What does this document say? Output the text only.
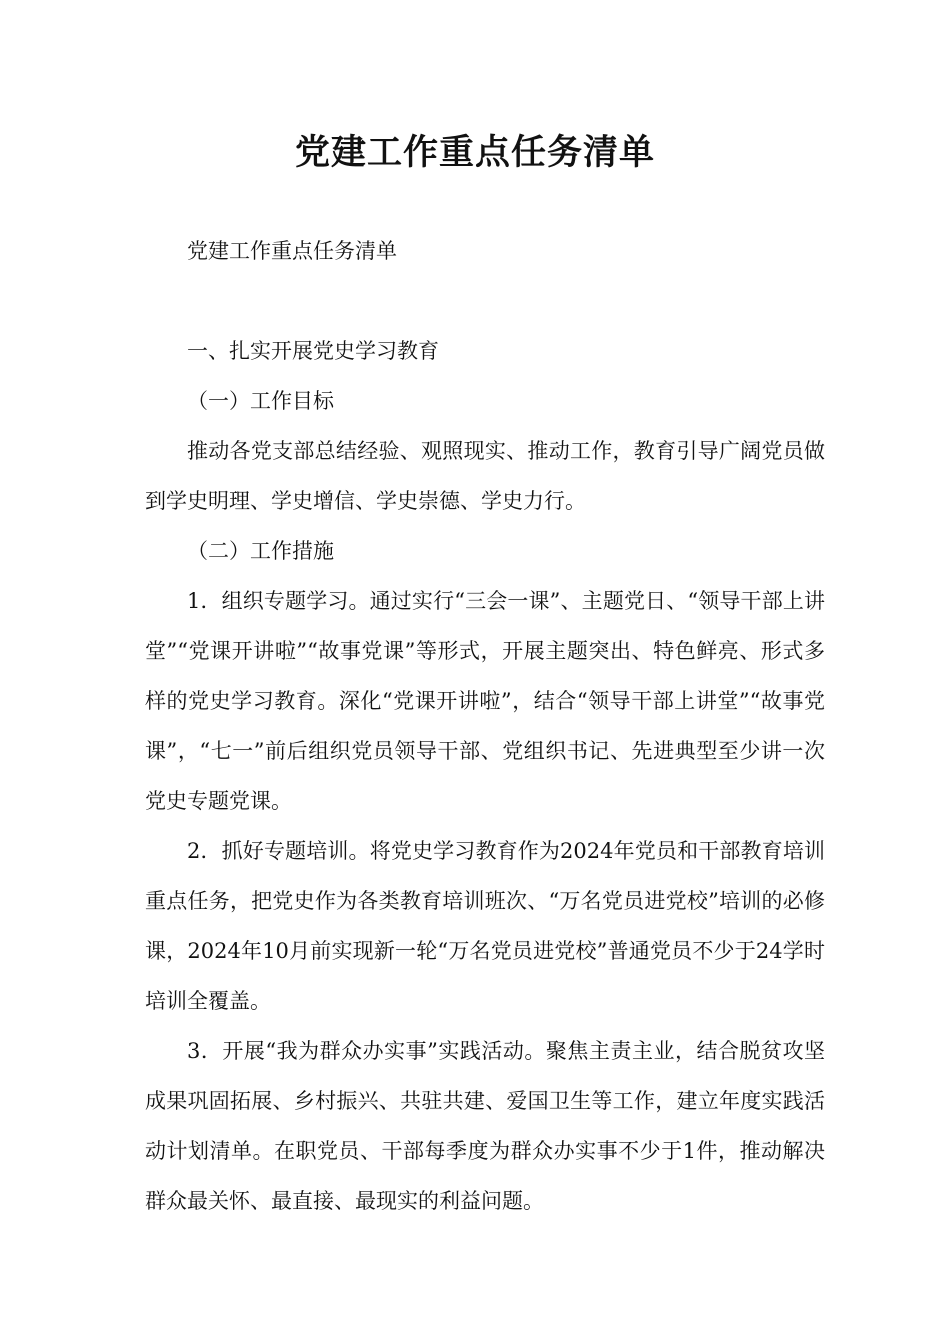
党建工作重点任务清单

党建工作重点任务清单

一、扎实开展党史学习教育

（一）工作目标

推动各党支部总结经验、观照现实、推动工作，教育引导广阔党员做到学史明理、学史增信、学史崇德、学史力行。

（二）工作措施

1．组织专题学习。通过实行“三会一课”、主题党日、“领导干部上讲堂”“党课开讲啦”“故事党课”等形式，开展主题突出、特色鲜亮、形式多样的党史学习教育。深化“党课开讲啦”，结合“领导干部上讲堂”“故事党课”，“七一”前后组织党员领导干部、党组织书记、先进典型至少讲一次党史专题党课。

2．抓好专题培训。将党史学习教育作为2024年党员和干部教育培训重点任务，把党史作为各类教育培训班次、“万名党员进党校”培训的必修课，2024年10月前实现新一轮“万名党员进党校”普通党员不少于24学时培训全覆盖。

3．开展“我为群众办实事”实践活动。聚焦主责主业，结合脱贫攻坚成果巩固拓展、乡村振兴、共驻共建、爱国卫生等工作，建立年度实践活动计划清单。在职党员、干部每季度为群众办实事不少于1件，推动解决群众最关怀、最直接、最现实的利益问题。
